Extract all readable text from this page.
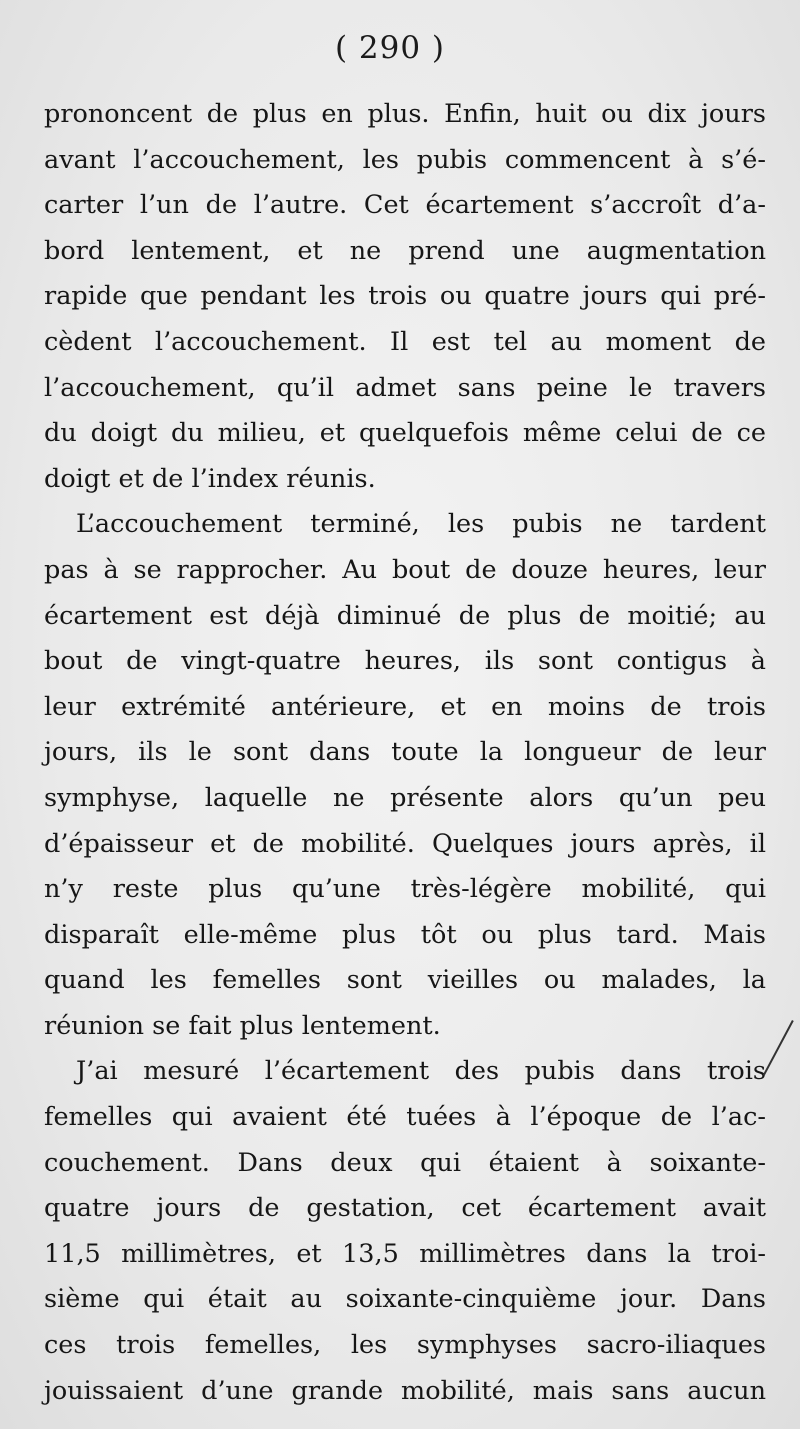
( 290 )
prononcent de plus en plus. Enfin, huit ou dix jours
avant l’accouchement, les pubis commencent à s’é-
carter l’un de l’autre. Cet écartement s’accroît d’a-
bord lentement, et ne prend une augmentation
rapide que pendant les trois ou quatre jours qui pré-
cèdent l’accouchement. Il est tel au moment de
l’accouchement, qu’il admet sans peine le travers
du doigt du milieu, et quelquefois même celui de ce
doigt et de l’index réunis.
L’accouchement terminé, les pubis ne tardent
pas à se rapprocher. Au bout de douze heures, leur
écartement est déjà diminué de plus de moitié; au
bout de vingt-quatre heures, ils sont contigus à
leur extrémité antérieure, et en moins de trois
jours, ils le sont dans toute la longueur de leur
symphyse, laquelle ne présente alors qu’un peu
d’épaisseur et de mobilité. Quelques jours après, il
n’y reste plus qu’une très-légère mobilité, qui
disparaît elle-même plus tôt ou plus tard. Mais
quand les femelles sont vieilles ou malades, la
réunion se fait plus lentement.
J’ai mesuré l’écartement des pubis dans trois
femelles qui avaient été tuées à l’époque de l’ac-
couchement. Dans deux qui étaient à soixante-
quatre jours de gestation, cet écartement avait
11,5 millimètres, et 13,5 millimètres dans la troi-
sième qui était au soixante-cinquième jour. Dans
ces trois femelles, les symphyses sacro-iliaques
jouissaient d’une grande mobilité, mais sans aucun
